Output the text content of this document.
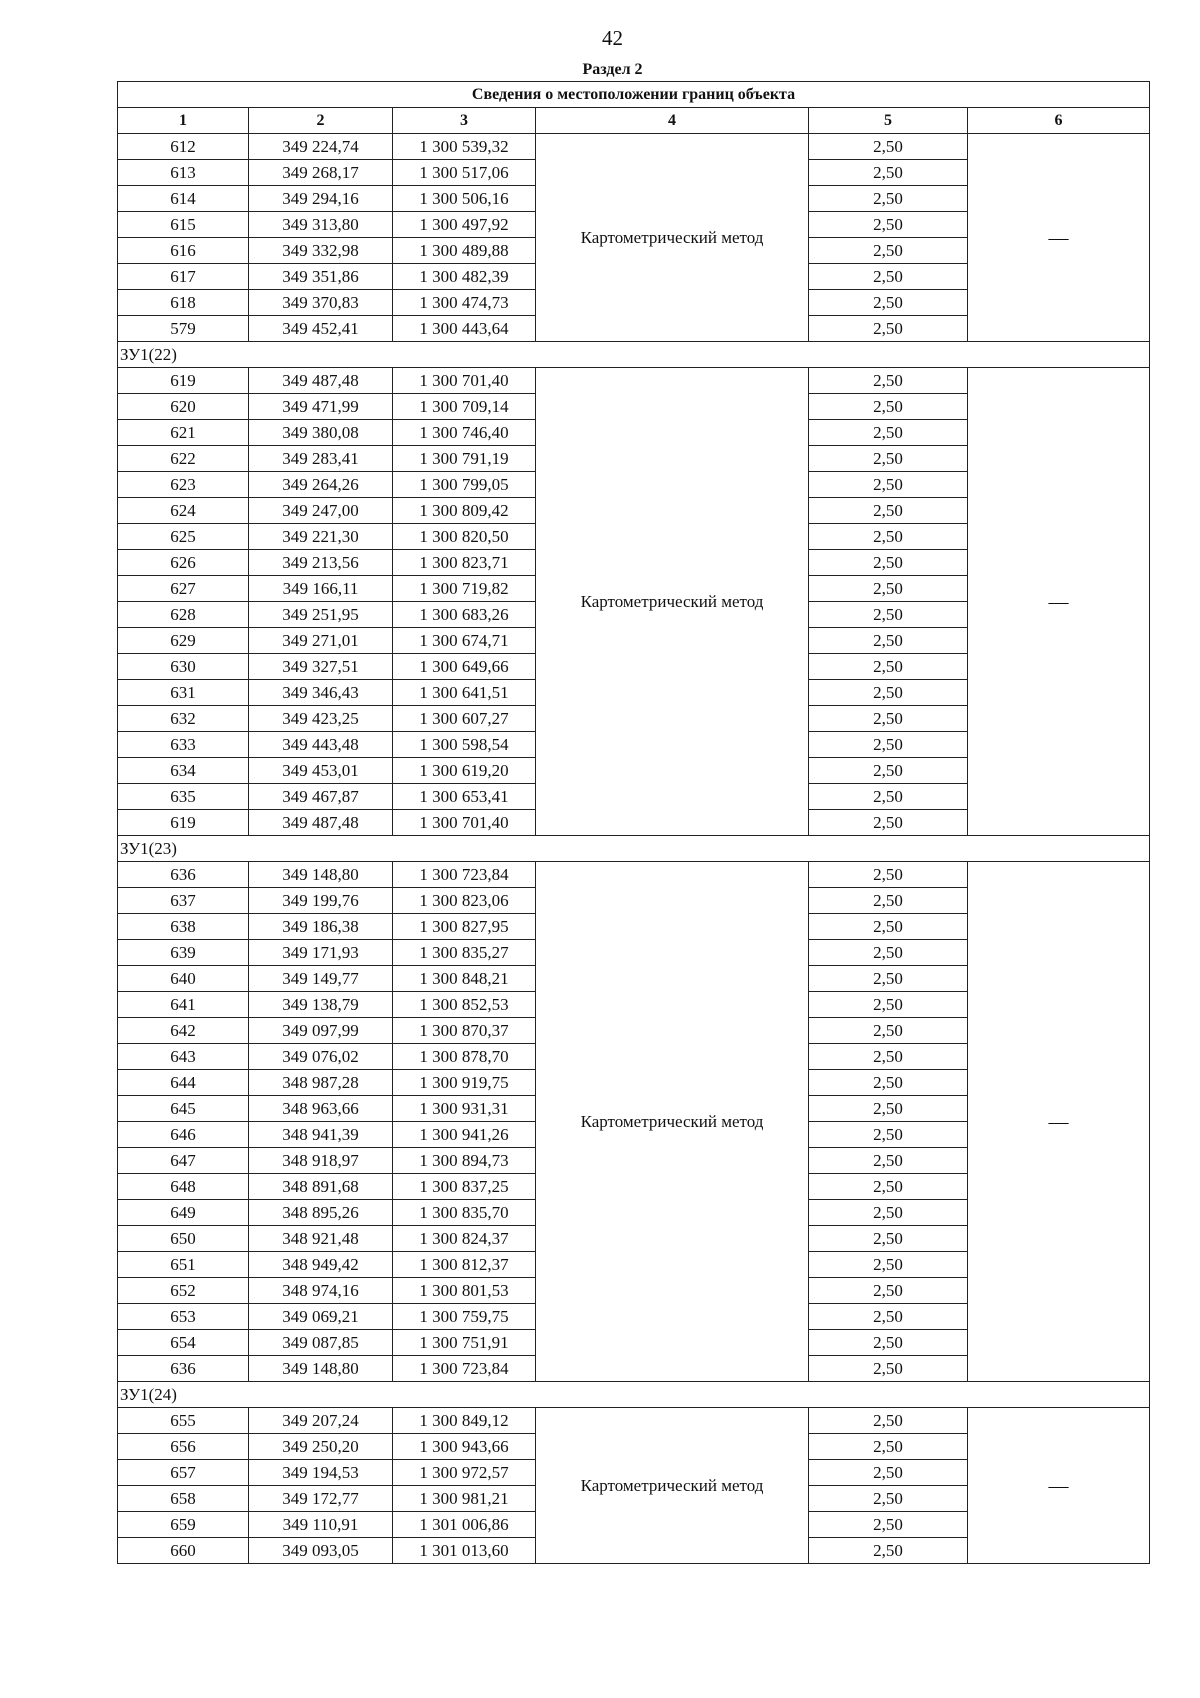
42
Раздел 2
Сведения о местоположении границ объекта					
1	2	3	4	5	6
612	349 224,74	1 300 539,32	Картометрический метод	2,50	—
613	349 268,17	1 300 517,06		2,50	
614	349 294,16	1 300 506,16		2,50	
615	349 313,80	1 300 497,92		2,50	
616	349 332,98	1 300 489,88		2,50	
617	349 351,86	1 300 482,39		2,50	
618	349 370,83	1 300 474,73		2,50	
579	349 452,41	1 300 443,64		2,50	
ЗУ1(22)					
619	349 487,48	1 300 701,40	Картометрический метод	2,50	—
620	349 471,99	1 300 709,14		2,50	
621	349 380,08	1 300 746,40		2,50	
622	349 283,41	1 300 791,19		2,50	
623	349 264,26	1 300 799,05		2,50	
624	349 247,00	1 300 809,42		2,50	
625	349 221,30	1 300 820,50		2,50	
626	349 213,56	1 300 823,71		2,50	
627	349 166,11	1 300 719,82		2,50	
628	349 251,95	1 300 683,26		2,50	
629	349 271,01	1 300 674,71		2,50	
630	349 327,51	1 300 649,66		2,50	
631	349 346,43	1 300 641,51		2,50	
632	349 423,25	1 300 607,27		2,50	
633	349 443,48	1 300 598,54		2,50	
634	349 453,01	1 300 619,20		2,50	
635	349 467,87	1 300 653,41		2,50	
619	349 487,48	1 300 701,40		2,50	
ЗУ1(23)					
636	349 148,80	1 300 723,84	Картометрический метод	2,50	—
637	349 199,76	1 300 823,06		2,50	
638	349 186,38	1 300 827,95		2,50	
639	349 171,93	1 300 835,27		2,50	
640	349 149,77	1 300 848,21		2,50	
641	349 138,79	1 300 852,53		2,50	
642	349 097,99	1 300 870,37		2,50	
643	349 076,02	1 300 878,70		2,50	
644	348 987,28	1 300 919,75		2,50	
645	348 963,66	1 300 931,31		2,50	
646	348 941,39	1 300 941,26		2,50	
647	348 918,97	1 300 894,73		2,50	
648	348 891,68	1 300 837,25		2,50	
649	348 895,26	1 300 835,70		2,50	
650	348 921,48	1 300 824,37		2,50	
651	348 949,42	1 300 812,37		2,50	
652	348 974,16	1 300 801,53		2,50	
653	349 069,21	1 300 759,75		2,50	
654	349 087,85	1 300 751,91		2,50	
636	349 148,80	1 300 723,84		2,50	
ЗУ1(24)					
655	349 207,24	1 300 849,12	Картометрический метод	2,50	—
656	349 250,20	1 300 943,66		2,50	
657	349 194,53	1 300 972,57		2,50	
658	349 172,77	1 300 981,21		2,50	
659	349 110,91	1 301 006,86		2,50	
660	349 093,05	1 301 013,60		2,50	
